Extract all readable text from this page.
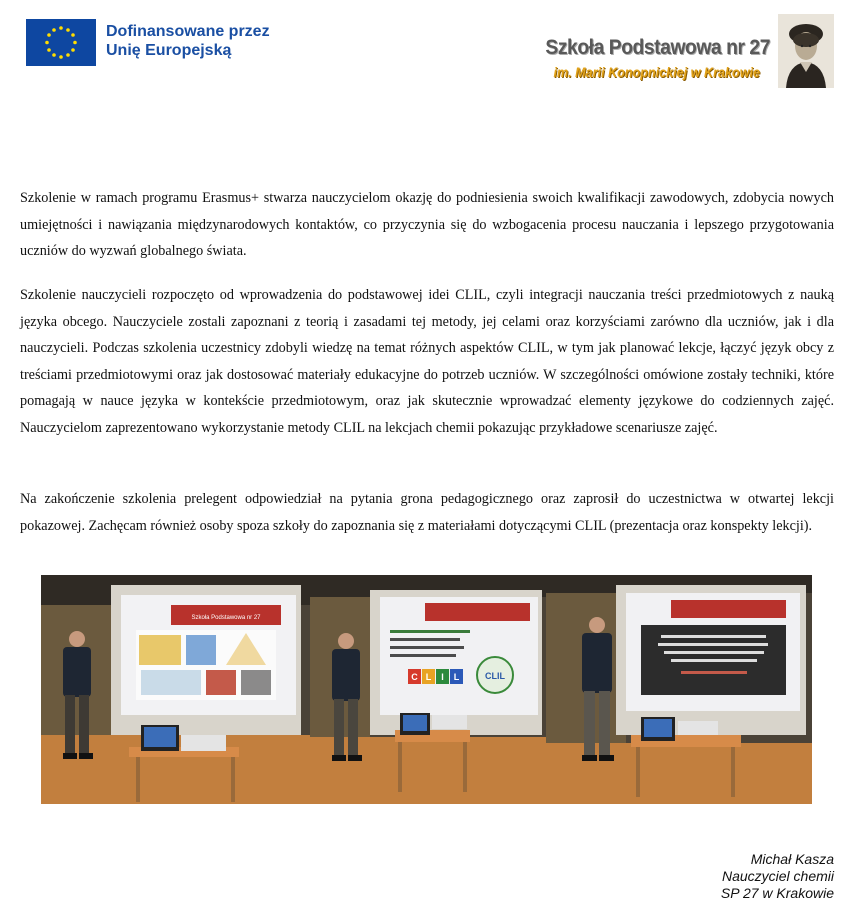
Dofinansowane przez
Unię Europejską	Szkoła Podstawowa nr 27
im. Marii Konopnickiej w Krakowie

Szkolenie w ramach programu Erasmus+ stwarza nauczycielom okazję do podniesienia swoich kwalifikacji zawodowych, zdobycia nowych umiejętności i nawiązania międzynarodowych kontaktów, co przyczynia się do wzbogacenia procesu nauczania i lepszego przygotowania uczniów do wyzwań globalnego świata.

Szkolenie nauczycieli rozpoczęto od wprowadzenia do podstawowej idei CLIL, czyli integracji nauczania treści przedmiotowych z nauką języka obcego. Nauczyciele zostali zapoznani z teorią i zasadami tej metody, jej celami oraz korzyściami zarówno dla uczniów, jak i dla nauczycieli. Podczas szkolenia uczestnicy zdobyli wiedzę na temat różnych aspektów CLIL, w tym jak planować lekcje, łączyć język obcy z treściami przedmiotowymi oraz jak dostosować materiały edukacyjne do potrzeb uczniów. W szczególności omówione zostały techniki, które pomagają w nauce języka w kontekście przedmiotowym, oraz jak skutecznie wprowadzać elementy językowe do codziennych zajęć. Nauczycielom zaprezentowano wykorzystanie metody CLIL na lekcjach chemii pokazując przykładowe scenariusze zajęć.

Na zakończenie szkolenia prelegent odpowiedział na pytania grona pedagogicznego oraz zaprosił do uczestnictwa w otwartej lekcji pokazowej. Zachęcam również osoby spoza szkoły do zapoznania się z materiałami dotyczącymi CLIL (prezentacja oraz konspekty lekcji).

Szkoła Podstawowa nr 27
C L I L	CLIL
Michał Kasza
Nauczyciel chemii
SP 27 w Krakowie
